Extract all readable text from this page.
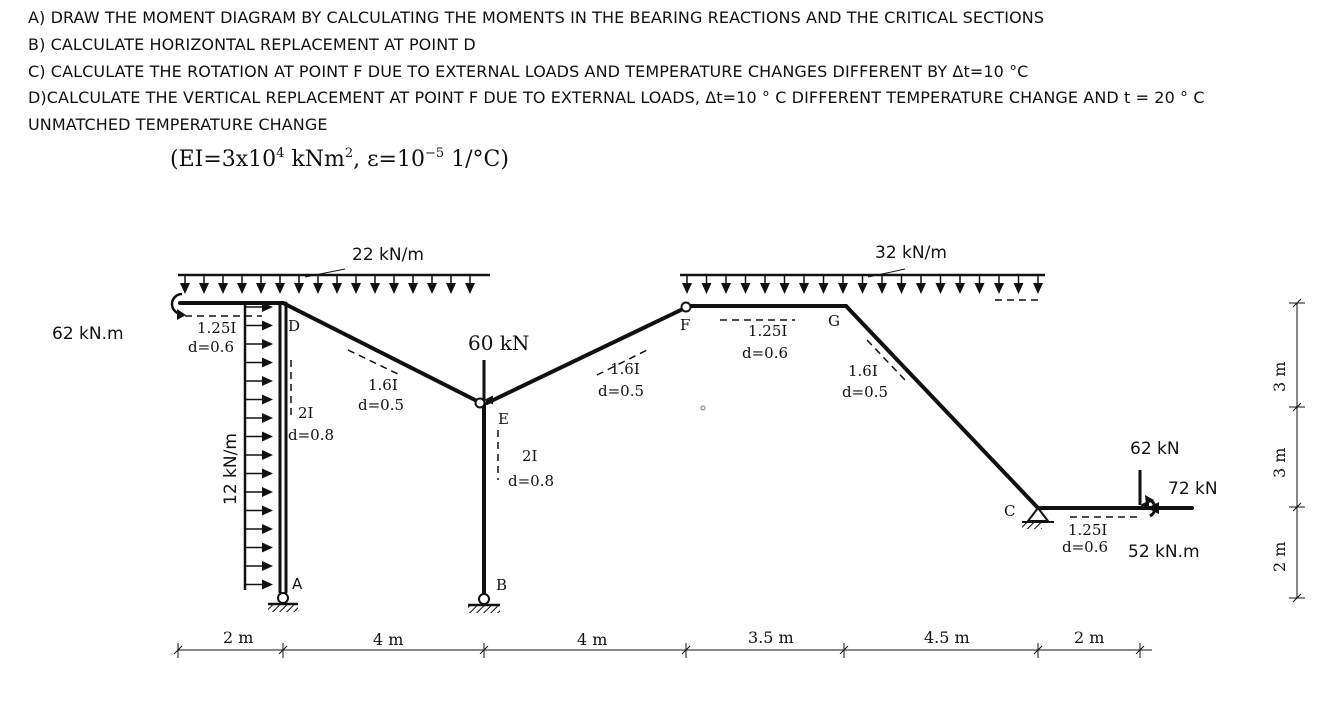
A) DRAW THE MOMENT DIAGRAM BY CALCULATING THE MOMENTS IN THE BEARING REACTIONS AND THE CRITICAL SECTIONS
B) CALCULATE HORIZONTAL REPLACEMENT AT POINT D
C) CALCULATE THE ROTATION AT POINT F DUE TO EXTERNAL LOADS AND TEMPERATURE CHANGES DIFFERENT BY Δt=10 °C
D)CALCULATE THE VERTICAL REPLACEMENT AT POINT F DUE TO EXTERNAL LOADS, Δt=10 ° C DIFFERENT TEMPERATURE CHANGE AND t = 20 ° C
UNMATCHED TEMPERATURE CHANGE
($EI=3x10^4$ kNm$^2$, $\varepsilon=10^{-5}$ 1/°C)
22 kN/m	32 kN/m
12 kN/m
62 kN.m	60 kN
62 kN
72 kN
52 kN.m
D
A
E
B
F	G
C
1.25I
d=0.6
2I
d=0.8
1.6I
d=0.5
2I
d=0.8
1.6I
d=0.5
1.25I
d=0.6
1.6I
d=0.5
1.25I
d=0.6
2 m	4 m	4 m	3.5 m	4.5 m	2 m
3 m
3 m
2 m
